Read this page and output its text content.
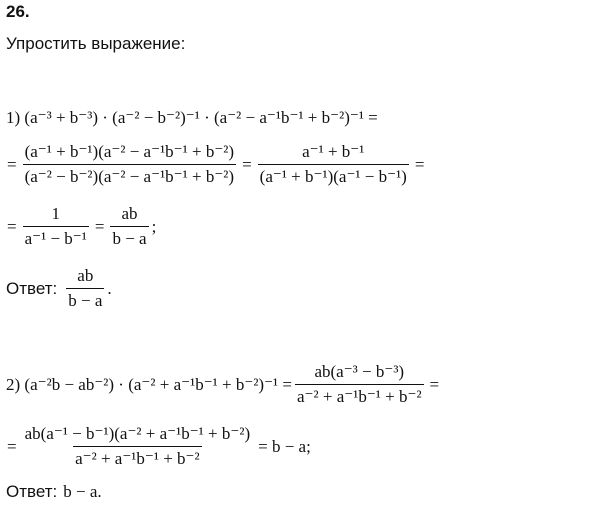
26.
Упростить выражение:
1) (a⁻³ + b⁻³) · (a⁻² − b⁻²)⁻¹ · (a⁻² − a⁻¹b⁻¹ + b⁻²)⁻¹ =
= $\frac{\text{(a⁻¹ + b⁻¹)(a⁻² − a⁻¹b⁻¹ + b⁻²)}}{\text{(a⁻² − b⁻²)(a⁻² − a⁻¹b⁻¹ + b⁻²)}} = \frac{\text{a⁻¹ + b⁻¹}}{\text{(a⁻¹ + b⁻¹)(a⁻¹ − b⁻¹)}}$ =
= $\frac{1}{\text{a⁻¹ − b⁻¹}} = \frac{ab}{b - a}$ ;
Ответ: $\frac{ab}{b - a}$ .
2) $(a^{-2}b - ab^{-2}) \cdot (a^{-2} + a^{-1}b^{-1} + b^{-2})^{-1} = \frac{\text{ab(a⁻³ − b⁻³)}}{\text{a⁻² + a⁻¹b⁻¹ + b⁻²}}$ =
= $\frac{\text{ab(a⁻¹ − b⁻¹)(a⁻² + a⁻¹b⁻¹ + b⁻²)}}{\text{a⁻² + a⁻¹b⁻¹ + b⁻²}} = b - a$;
Ответ: b − a.
